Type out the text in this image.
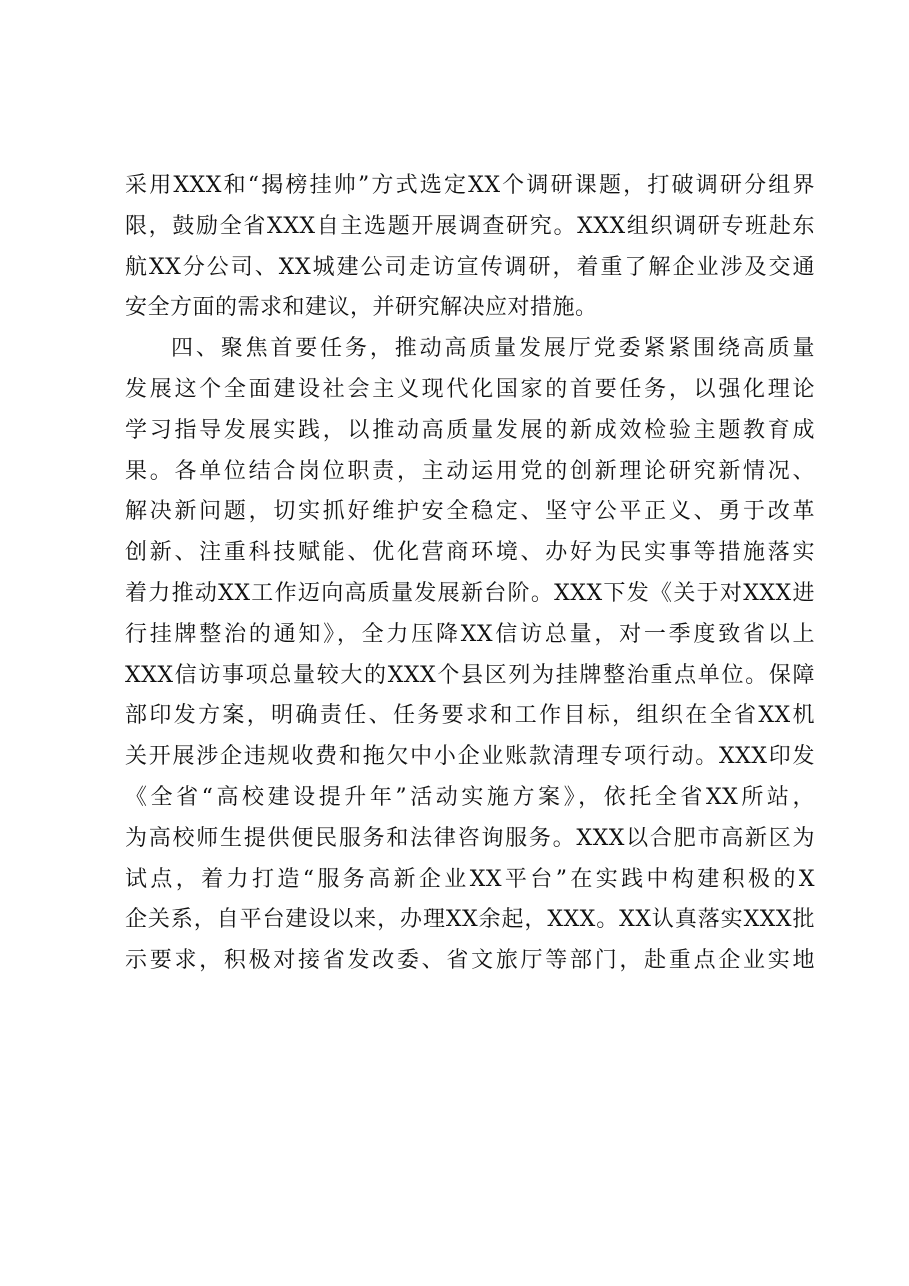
采用XXX和“揭榜挂帅”方式选定XX个调研课题，打破调研分组界
限，鼓励全省XXX自主选题开展调查研究。XXX组织调研专班赴东
航XX分公司、XX城建公司走访宣传调研，着重了解企业涉及交通
安全方面的需求和建议，并研究解决应对措施。
四、聚焦首要任务，推动高质量发展厅党委紧紧围绕高质量
发展这个全面建设社会主义现代化国家的首要任务，以强化理论
学习指导发展实践，以推动高质量发展的新成效检验主题教育成
果。各单位结合岗位职责，主动运用党的创新理论研究新情况、
解决新问题，切实抓好维护安全稳定、坚守公平正义、勇于改革
创新、注重科技赋能、优化营商环境、办好为民实事等措施落实
着力推动XX工作迈向高质量发展新台阶。XXX下发《关于对XXX进
行挂牌整治的通知》，全力压降XX信访总量，对一季度致省以上
XXX信访事项总量较大的XXX个县区列为挂牌整治重点单位。保障
部印发方案，明确责任、任务要求和工作目标，组织在全省XX机
关开展涉企违规收费和拖欠中小企业账款清理专项行动。XXX印发
《全省“高校建设提升年”活动实施方案》，依托全省XX所站，
为高校师生提供便民服务和法律咨询服务。XXX以合肥市高新区为
试点，着力打造“服务高新企业XX平台”在实践中构建积极的X
企关系，自平台建设以来，办理XX余起，XXX。XX认真落实XXX批
示要求，积极对接省发改委、省文旅厅等部门，赴重点企业实地
